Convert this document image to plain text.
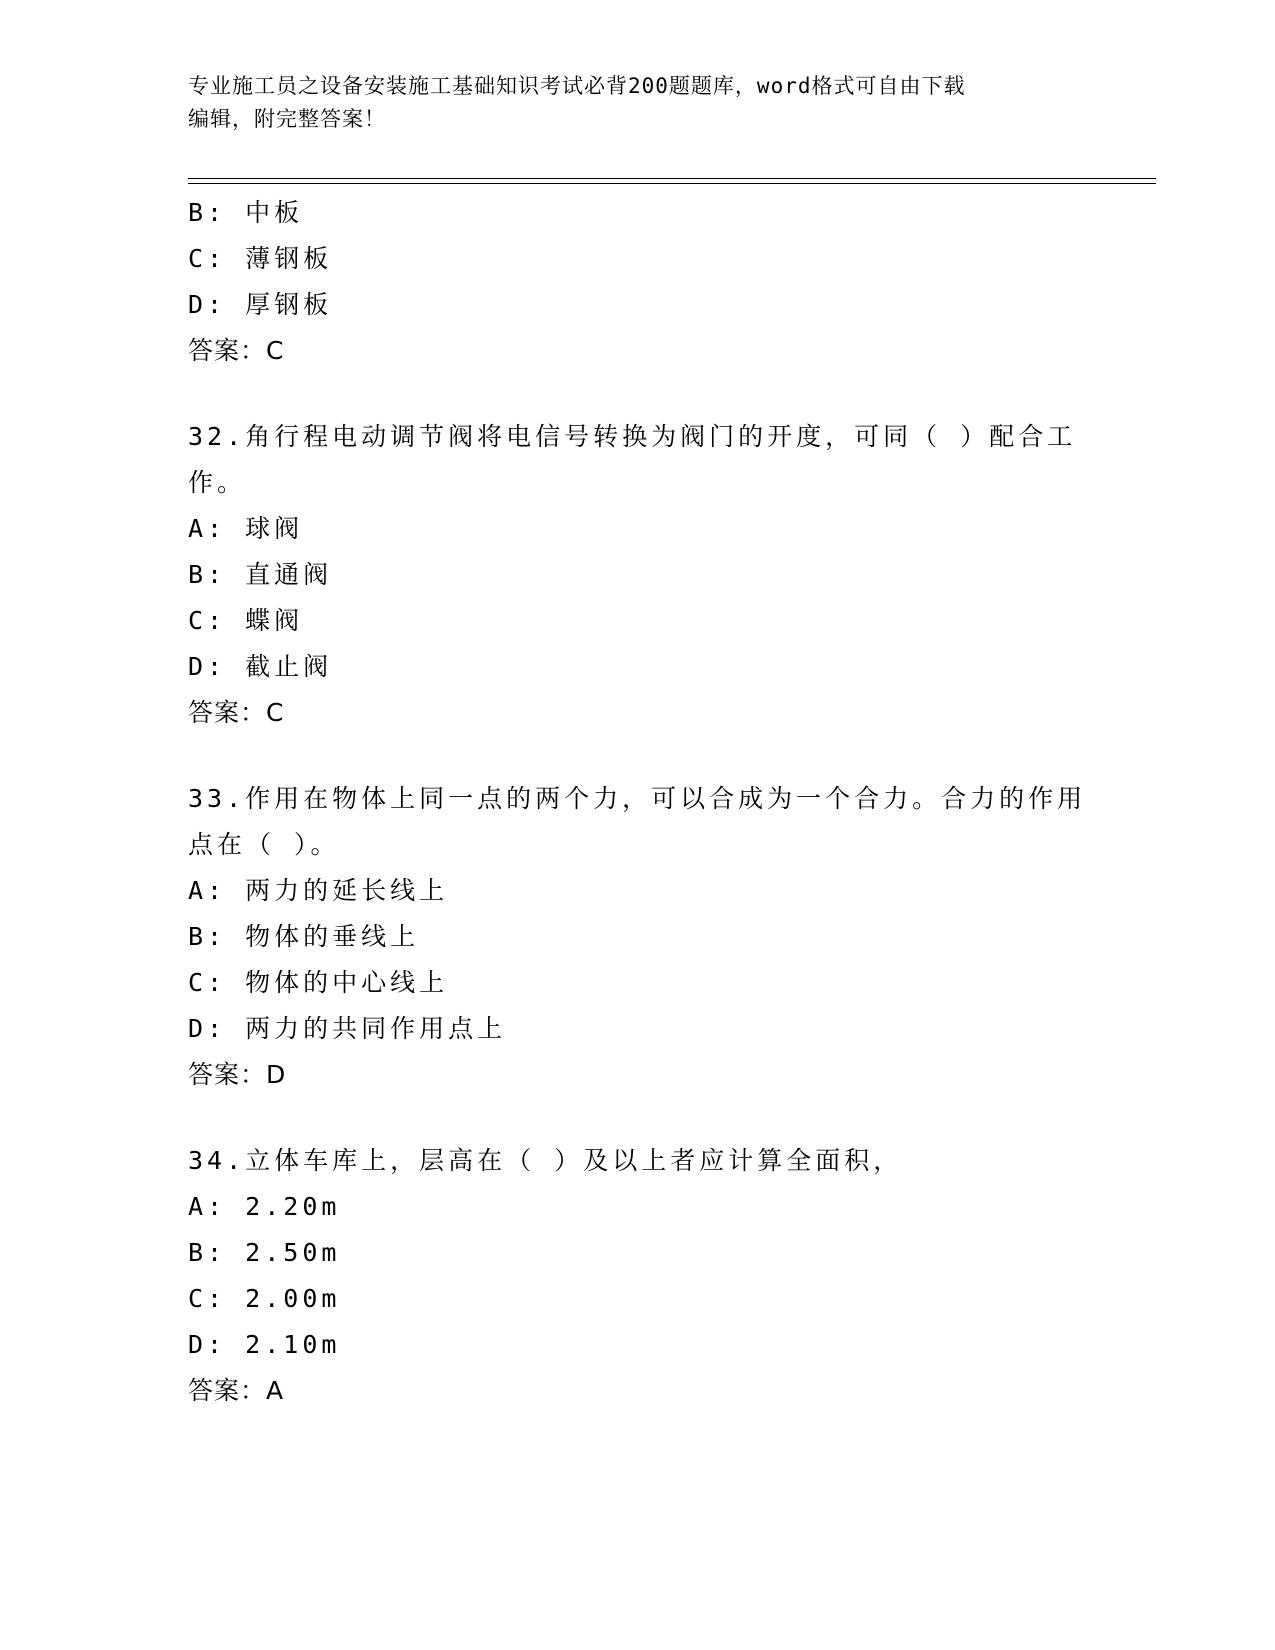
专业施工员之设备安装施工基础知识考试必背200题题库，word格式可自由下载
编辑，附完整答案！
B: 中板
C: 薄钢板
D: 厚钢板
答案：C
32.角行程电动调节阀将电信号转换为阀门的开度，可同（ ）配合工
作。
A: 球阀
B: 直通阀
C: 蝶阀
D: 截止阀
答案：C
33.作用在物体上同一点的两个力，可以合成为一个合力。合力的作用
点在（ ）。
A: 两力的延长线上
B: 物体的垂线上
C: 物体的中心线上
D: 两力的共同作用点上
答案：D
34.立体车库上，层高在（ ）及以上者应计算全面积，
A: 2.20m
B: 2.50m
C: 2.00m
D: 2.10m
答案：A
